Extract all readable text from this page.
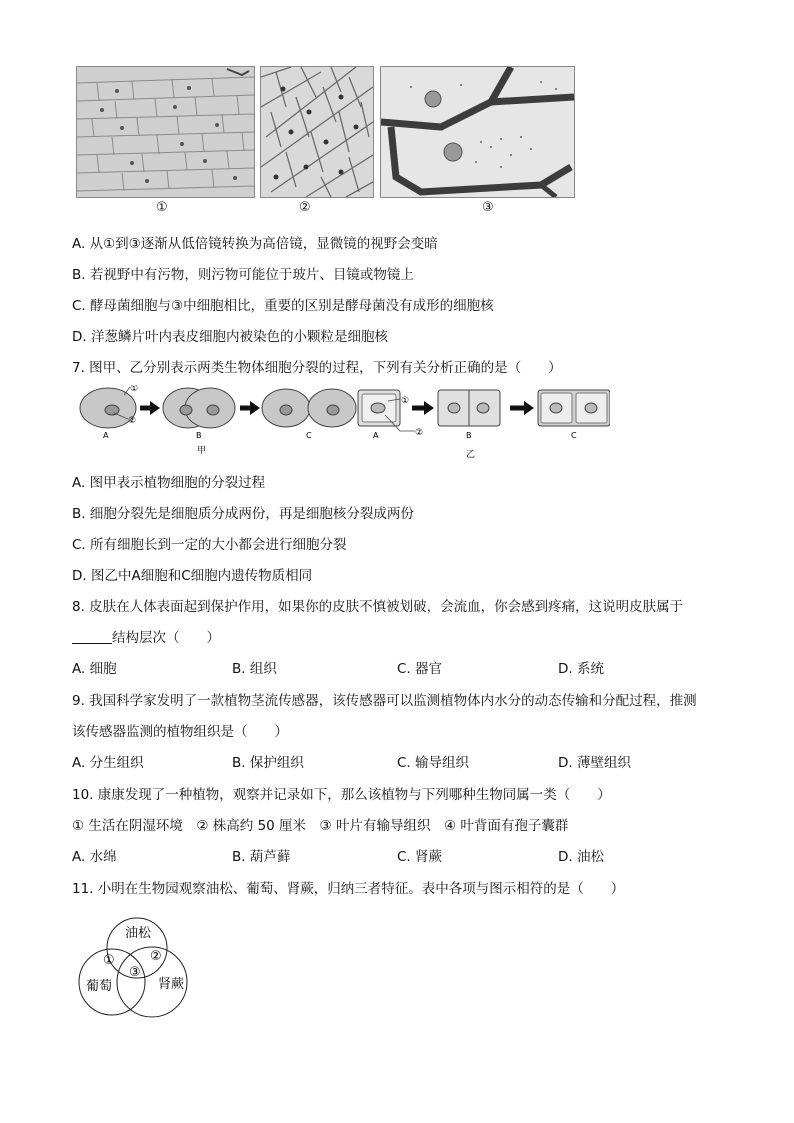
①	②	③
A. 从①到③逐渐从低倍镜转换为高倍镜，显微镜的视野会变暗
B. 若视野中有污物，则污物可能位于玻片、目镜或物镜上
C. 酵母菌细胞与③中细胞相比，重要的区别是酵母菌没有成形的细胞核
D. 洋葱鳞片叶内表皮细胞内被染色的小颗粒是细胞核
7. 图甲、乙分别表示两类生物体细胞分裂的过程，下列有关分析正确的是（　　）
A	B	C
①
②
甲
A	B	C
①
②
乙
A. 图甲表示植物细胞的分裂过程
B. 细胞分裂先是细胞质分成两份，再是细胞核分裂成两份
C. 所有细胞长到一定的大小都会进行细胞分裂
D. 图乙中A细胞和C细胞内遗传物质相同
8. 皮肤在人体表面起到保护作用，如果你的皮肤不慎被划破，会流血，你会感到疼痛，这说明皮肤属于
结构层次（　　）
A. 细胞	B. 组织	C. 器官	D. 系统
9. 我国科学家发明了一款植物茎流传感器，该传感器可以监测植物体内水分的动态传输和分配过程，推测
该传感器监测的植物组织是（　　）
A. 分生组织	B. 保护组织	C. 输导组织	D. 薄壁组织
10. 康康发现了一种植物，观察并记录如下，那么该植物与下列哪种生物同属一类（　　）
① 生活在阴湿环境　② 株高约 50 厘米　③ 叶片有输导组织　④ 叶背面有孢子囊群
A. 水绵	B. 葫芦藓	C. 肾蕨	D. 油松
11. 小明在生物园观察油松、葡萄、肾蕨，归纳三者特征。表中各项与图示相符的是（　　）
油松
葡萄	肾蕨
①	②
③
